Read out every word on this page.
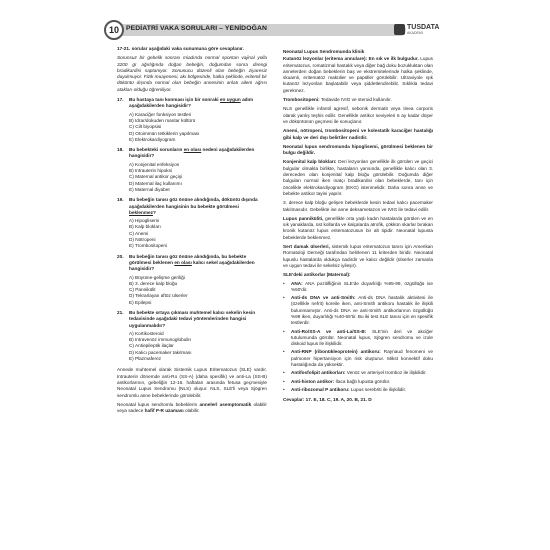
10	PEDİATRİ VAKA SORULARI – YENİDOĞAN	TUSDATA
AKADEMİ
17-21. sorular aşağıdaki vaka sunumuna göre cevaplanır.
Sorunsuz bir gebelik sonrası miadında normal spontan vajinal yolla 3200 gr ağırlığında doğan bebeğin, doğumdan sonra direngi bradikardisi saptanıyor. Sonunucu düzenli olan bebeğin ziyaresiz duyulmuyor. Fizik muayenesi, akı bölgesinde, halka şeklinde, eritemli bir döküntü dışında normal olan bebeğin annesinin anlatı ailem ağrısı atakları olduğu öğreniliyor.
17.	Bu hastaya tanı konması için bir sonraki en uygun adım aşağıdakilerden hangisidir?
A) Karaciğer fonksiyon testleri
B) Idrar/dokuden mantar kültürü
C) Cilt biyopsisi
D) Otoimmün tetkiklerin yapılması
E) Elektrokardiyogram
18.	Bu bebekteki sorunların en olası nedeni aşağıdakilerden hangisidir?
A) Konjenital enfeksiyon
B) Intrauterin hipoksi
C) Maternal antikor geçişi
D) Maternal ilaç kullanımı
E) Maternal diyabet
19.	Bu bebeğin tanısı göz önüne alındığında, döküntü dışında aşağıdakilerden hangisinin bu bebekte görülmesi beklenmez?
A) Hipoglisemi
B) Kalp blokları
C) Anemi
D) Nötropeni
E) Trombositopeni
20.	Bu bebeğin tanısı göz önüne alındığında, bu bebekte görülmesi beklenen en olası kalıcı sekel aşağıdakilerden hangisidir?
A) Büyüme-gelişme geriliği
B) 3. derece kalp bloğu
C) Pannikülit
D) Tekrarlayan aftöz ülserler
E) Epilepsi
21.	Bu bebekte ortaya çıkması muhtemel kalıcı sekelin kesin tedavisinde aşağıdaki tedavi yöntemlerinden hangisi uygulanmalıdır?
A) Kortikosteroid
B) Intravenöz immunoglobulin
C) Antiepileptik ilaçlar
D) Kalıcı pacemaker takılması
E) Plazmaferez
Annede muhtemel olarak Sistemik Lupus Eritematozus (SLE) vardır. Intrauterin dönemde anti-Ro (SS-A) (daha spesifik) ve anti-La (SS-B) antikorlarının, gebeliğin 12-16. haftaları arasında fetusa geçmesiyle Neonatal Lupus Sendromu (NLS) oluşur. NLS, SLE'li veya Sjögren sendromlu anne bebeklerinde görülebilir.
Neonatal lupus sendromlu bebeklerin annelerl asemptomatik olabilir veya sadece hafif P-R uzaması olabilir.
Neonatal Lupus Sendromunda klinik
Kutanöz lezyonlar (eritema annulare): En sık ve ilk bulgudur. Lupus eritematozus, romatizmal hastalık veya diğer bağ doku bozukluktan olan annelerden doğan bebeklerin baş ve ekstremitelerinde halka şeklinde, skuamlı, eritematöz makülier ve papüller görülebilir. Ultraviyole ışık kutanöz lezyonları başlatabilir veya şiddetlendirebilir. Sıklıkla tedavi gerekmez.
Trombositopeni: Tedavide IVIG ve steroid kullanılır.
NLS genellikle infantil agresif, sebonik dermatit veya tinea corporis olarak yanlış teşhis edilir. Genellikle antikor seviyeleri 6 ay kadar düşer ve döküntünün geçmesi ile sonuçlanır.
Anemi, nötropeni, trombositopeni ve kolestatik karaciğer hastalığı gibi kalp ve deri dışı belirtiler nadirdir.
Neonatal lupus sendromunda hipoglisemi, görülmesi beklenen bir bulgu değildir.
Konjenital kalp blokları: Deri lezyonları genellikle ilk görülen ve geçici bulgular olmakla birlikte, hastaların yarısında, genellikle kalıcı olan 3. dereceden olan konjenital kalp bloğu görülebilir. Doğumda diğer bulguları normal iken inatçı bradikardisi olan bebeklerde, tanı için öncelikle elektrokardiyogram (EKG) istenmelidir. Daha sonra anne ve bebekte antikor tayini yapılır.
3. derece kalp bloğu gelişen bebeklerde kesin tedavi kalıcı pacemaker takılmasıdır. Gebelikte ise anne deksametazon ve IVIG ile tedavi edilir.
Lupus panniküliti, genellikle orta yaşlı kadın hastalarda görülen ve en sık yanaklarda, üst kollarda ve kalçalarda atrofik, çökkün skarlar bırakan kronik kutanöz lupus eritematozusun bir alt tipidir. Neonatal lupusta bebeklerde beklenmez.
Sert damak ülserleri, sistemik lupus eritematozus tanısı için Amerikan Romatoloji Derneği tarafından belirlenen 11 kriterden biridir. Neonatal lupuslu hastalarda oldukça nadirdir ve kalıcı değildir (ülserler zamanla ve uygun tedavi ile sekelsiz iyileşir).
SLE'deki antikorlar (Maternal):
•	ANA: ANA pozitifliğinin SLE'de duyarlılığı %95-99, özgüllüğü ise %50'dir.
•	Anti-ds DNA ve anti-Smith: Anti-ds DNA hastalık aktivitesi ile (özellikle nefrit) koreile iken, anti-Smith antikoru hastalık ile ilişkili bulunmamıştır. Anti-ds DNA ve anti-Smith antikorlarının özgüllüğü %99 iken, duyarlılığı %40-65'tir. Bu iki test SLE tanısı için en spesifik testlerdir.
•	Anti-Ro/SS-A ve anti-La/SS-B: SLE'nin deri ve akciğer tutulumunda görülür. Neonatal lupus, Sjögren sendromu ve izole diskoid lupus ile ilişkilidir.
•	Anti-RNP (ribonükleoprotein) antikoru: Raynaud fenomeni ve pulmoner hipertansiyon için risk oluşturur. Mikst konnektif doku hastalığında da yüksektir.
•	Antifosfolipit antikorları: Venöz ve arteriyel tromboz ile ilişkilidir.
•	Anti-histon antikor: İlaca bağlı lupusta görülür.
•	Anti-ribozomal P antikoru: Lupus serebriti ile ilişkilidir.
Cevaplar: 17. E, 18. C, 19. A, 20. B, 21. D
